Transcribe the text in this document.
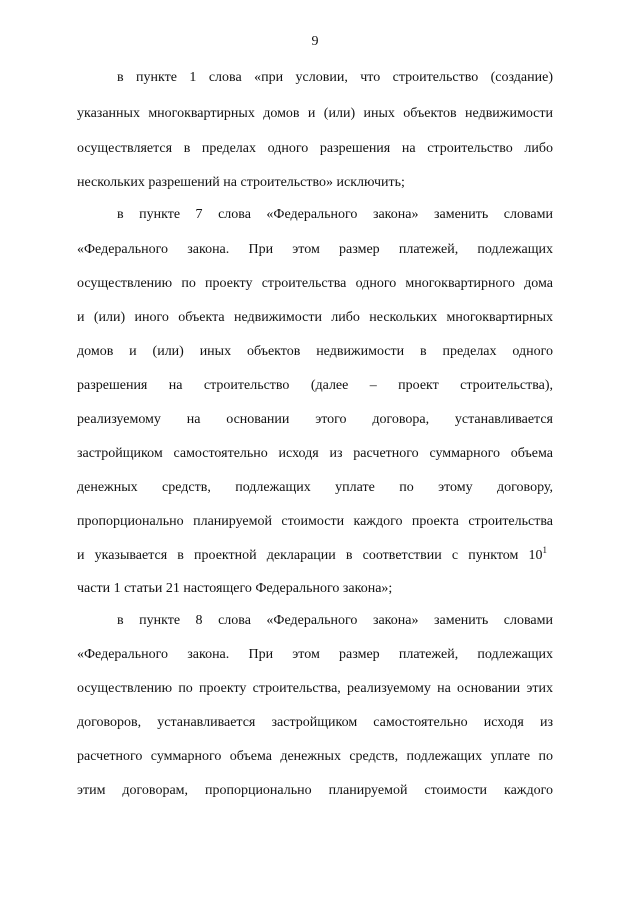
9
в пункте 1 слова «при условии, что строительство (создание)
указанных многоквартирных домов и (или) иных объектов недвижимости
осуществляется в пределах одного разрешения на строительство либо
нескольких разрешений на строительство» исключить;
в пункте 7 слова «Федерального закона» заменить словами
«Федерального закона. При этом размер платежей, подлежащих
осуществлению по проекту строительства одного многоквартирного дома
и (или) иного объекта недвижимости либо нескольких многоквартирных
домов и (или) иных объектов недвижимости в пределах одного
разрешения на строительство (далее – проект строительства),
реализуемому на основании этого договора, устанавливается
застройщиком самостоятельно исходя из расчетного суммарного объема
денежных средств, подлежащих уплате по этому договору,
пропорционально планируемой стоимости каждого проекта строительства
и указывается в проектной декларации в соответствии с пунктом $10^1$
части 1 статьи 21 настоящего Федерального закона»;
в пункте 8 слова «Федерального закона» заменить словами
«Федерального закона. При этом размер платежей, подлежащих
осуществлению по проекту строительства, реализуемому на основании этих
договоров, устанавливается застройщиком самостоятельно исходя из
расчетного суммарного объема денежных средств, подлежащих уплате по
этим договорам, пропорционально планируемой стоимости каждого
